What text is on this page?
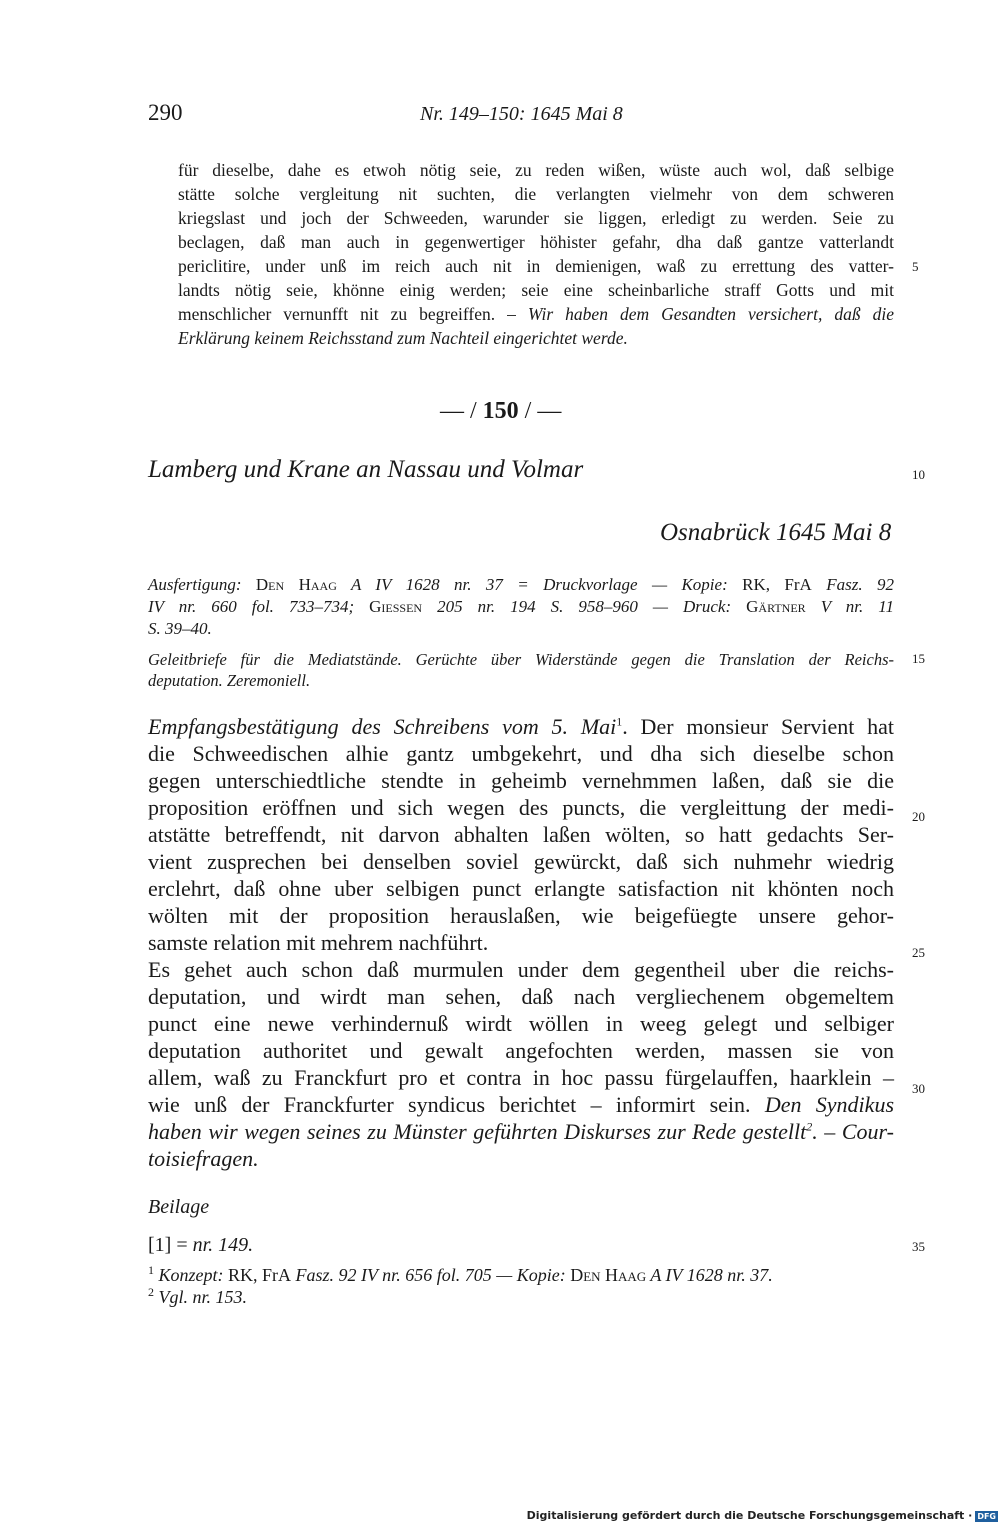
290	Nr. 149–150: 1645 Mai 8
für dieselbe, dahe es etwoh nötig seie, zu reden wißen, wüste auch wol, daß selbige
stätte solche vergleitung nit suchten, die verlangten vielmehr von dem schweren
kriegslast und joch der Schweeden, warunder sie liggen, erledigt zu werden. Seie zu
beclagen, daß man auch in gegenwertiger höhister gefahr, dha daß gantze vatterlandt
periclitire, under unß im reich auch nit in demienigen, waß zu errettung des vatter-
landts nötig seie, khönne einig werden; seie eine scheinbarliche straff Gotts und mit
menschlicher vernunfft nit zu begreiffen. – Wir haben dem Gesandten versichert, daß die
Erklärung keinem Reichsstand zum Nachteil eingerichtet werde.
5
10
15
20
25
30
35
— / 150 / —
Lamberg und Krane an Nassau und Volmar
Osnabrück 1645 Mai 8
Ausfertigung: Den Haag A IV 1628 nr. 37 = Druckvorlage — Kopie: RK, FrA Fasz. 92
IV nr. 660 fol. 733–734; Giessen 205 nr. 194 S. 958–960 — Druck: Gärtner V nr. 11
S. 39–40.
Geleitbriefe für die Mediatstände. Gerüchte über Widerstände gegen die Translation der Reichs-
deputation. Zeremoniell.
Empfangsbestätigung des Schreibens vom 5. Mai$^1$. Der monsieur Servient hat
die Schweedischen alhie gantz umbgekehrt, und dha sich dieselbe schon
gegen unterschiedtliche stendte in geheimb vernehmmen laßen, daß sie die
proposition eröffnen und sich wegen des puncts, die vergleittung der medi-
atstätte betreffendt, nit darvon abhalten laßen wölten, so hatt gedachts Ser-
vient zusprechen bei denselben soviel gewürckt, daß sich nuhmehr wiedrig
erclehrt, daß ohne uber selbigen punct erlangte satisfaction nit khönten noch
wölten mit der proposition herauslaßen, wie beigefüegte unsere gehor-
samste relation mit mehrem nachführt.
Es gehet auch schon daß murmulen under dem gegentheil uber die reichs-
deputation, und wirdt man sehen, daß nach vergliechenem obgemeltem
punct eine newe verhindernuß wirdt wöllen in weeg gelegt und selbiger
deputation authoritet und gewalt angefochten werden, massen sie von
allem, waß zu Franckfurt pro et contra in hoc passu fürgelauffen, haarklein –
wie unß der Franckfurter syndicus berichtet – informirt sein. Den Syndikus
haben wir wegen seines zu Münster geführten Diskurses zur Rede gestellt$^2$. – Cour-
toisiefragen.
Beilage
[1] = nr. 149.
$^1$ Konzept: RK, FrA Fasz. 92 IV nr. 656 fol. 705 — Kopie: Den Haag A IV 1628 nr. 37.
$^2$ Vgl. nr. 153.
Digitalisierung gefördert durch die Deutsche Forschungsgemeinschaft · DFG
